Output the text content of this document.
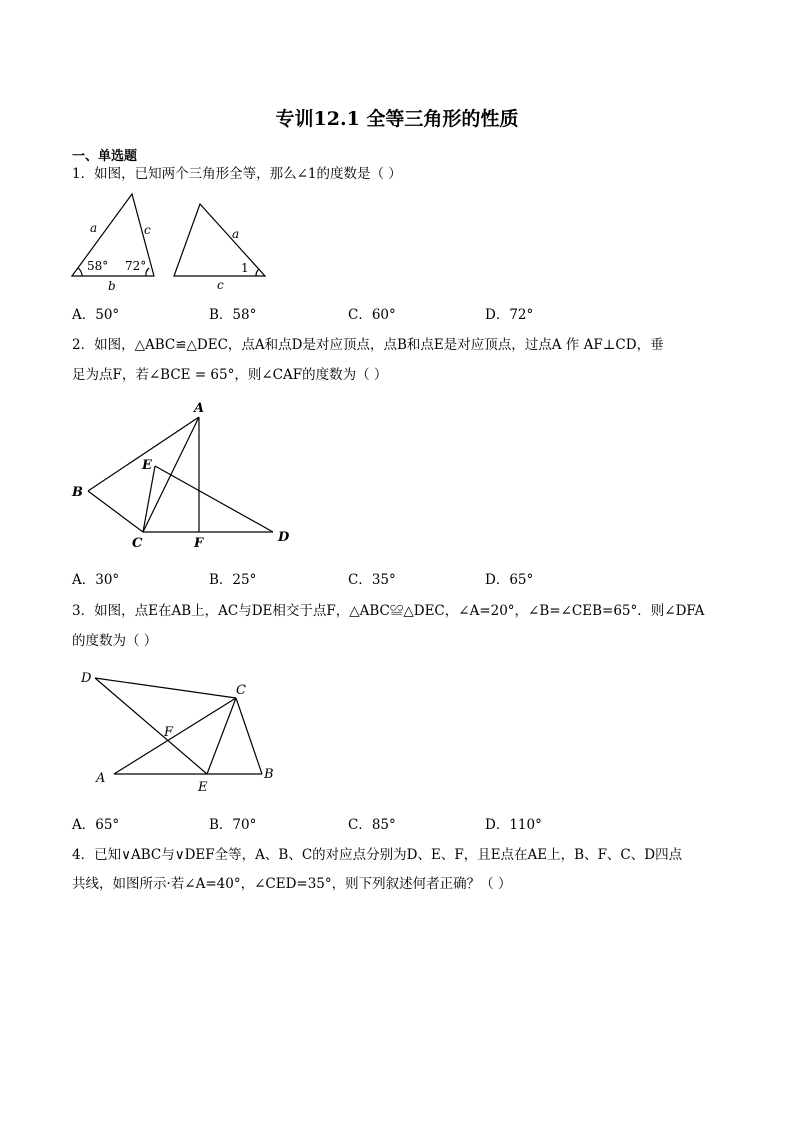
专训12.1 全等三角形的性质
一、单选题
1．如图，已知两个三角形全等，那么∠1的度数是（ ）
a	c
b
58° 72°
a
c
1
A．50°	B．58°	C．60°	D．72°
2．如图，△ABC≌△DEC，点A和点D是对应顶点，点B和点E是对应顶点，过点A 作 AF⊥CD，垂
足为点F，若∠BCE = 65°，则∠CAF的度数为（ ）
A
B
C	D
E
F
A．30°	B．25°	C．35°	D．65°
3．如图，点E在AB上，AC与DE相交于点F，△ABC≌△DEC，∠A=20°，∠B=∠CEB=65°．则∠DFA
的度数为（ ）
A	B
C
D
E
F
A．65°	B．70°	C．85°	D．110°
4．已知∨ABC与∨DEF全等，A、B、C的对应点分别为D、E、F，且E点在AE上，B、F、C、D四点
共线，如图所示·若∠A=40°，∠CED=35°，则下列叙述何者正确？（ ）
